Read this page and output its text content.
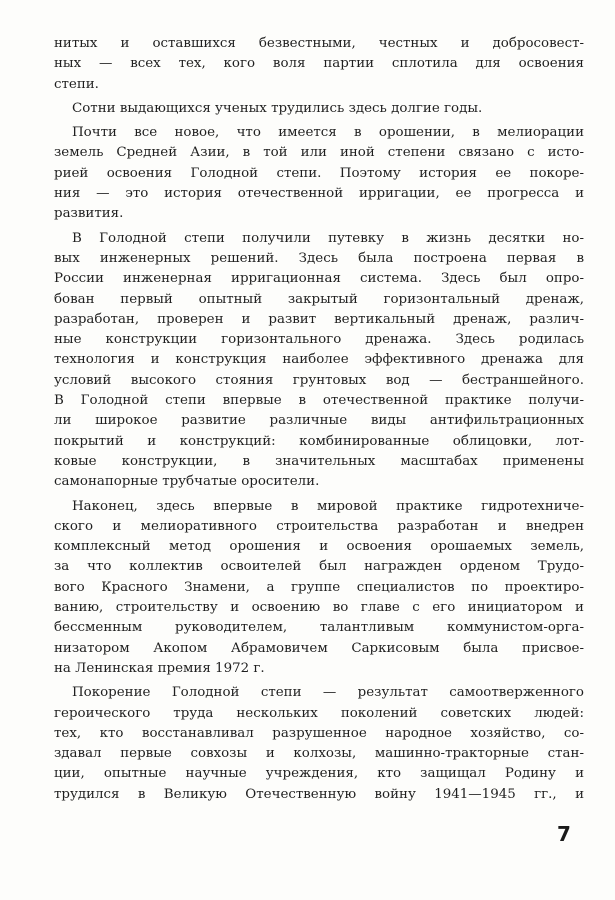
нитых и оставшихся безвестными, честных и добросовест-
ных — всех тех, кого воля партии сплотила для освоения
степи.
Сотни выдающихся ученых трудились здесь долгие годы.
Почти все новое, что имеется в орошении, в мелиорации
земель Средней Азии, в той или иной степени связано с исто-
рией освоения Голодной степи. Поэтому история ее покоре-
ния — это история отечественной ирригации, ее прогресса и
развития.
В Голодной степи получили путевку в жизнь десятки но-
вых инженерных решений. Здесь была построена первая в
России инженерная ирригационная система. Здесь был опро-
бован первый опытный закрытый горизонтальный дренаж,
разработан, проверен и развит вертикальный дренаж, различ-
ные конструкции горизонтального дренажа. Здесь родилась
технология и конструкция наиболее эффективного дренажа для
условий высокого стояния грунтовых вод — бестраншейного.
В Голодной степи впервые в отечественной практике получи-
ли широкое развитие различные виды антифильтрационных
покрытий и конструкций: комбинированные облицовки, лот-
ковые конструкции, в значительных масштабах применены
самонапорные трубчатые оросители.
Наконец, здесь впервые в мировой практике гидротехниче-
ского и мелиоративного строительства разработан и внедрен
комплексный метод орошения и освоения орошаемых земель,
за что коллектив освоителей был награжден орденом Трудо-
вого Красного Знамени, а группе специалистов по проектиро-
ванию, строительству и освоению во главе с его инициатором и
бессменным руководителем, талантливым коммунистом-орга-
низатором Акопом Абрамовичем Саркисовым была присвое-
на Ленинская премия 1972 г.
Покорение Голодной степи — результат самоотверженного
героического труда нескольких поколений советских людей:
тех, кто восстанавливал разрушенное народное хозяйство, со-
здавал первые совхозы и колхозы, машинно-тракторные стан-
ции, опытные научные учреждения, кто защищал Родину и
трудился в Великую Отечественную войну 1941—1945 гг., и
7
